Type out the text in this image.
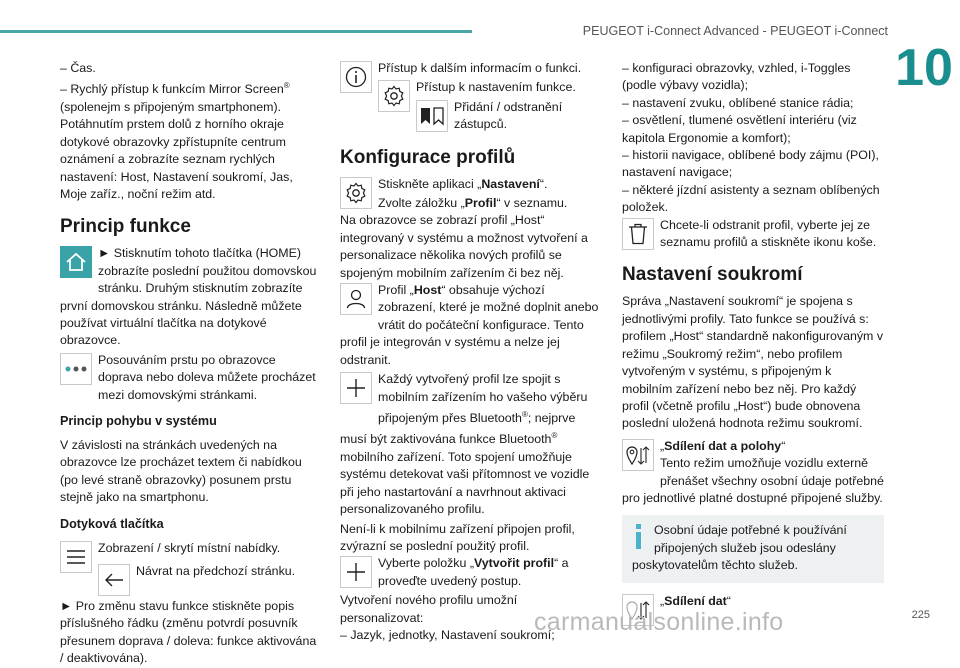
PEUGEOT i-Connect Advanced - PEUGEOT i-Connect
10

– Čas.

– Rychlý přístup k funkcím Mirror Screen® (spolenejm s připojeným smartphonem).

Potáhnutím prstem dolů z horního okraje dotykové obrazovky zpřístupníte centrum oznámení a zobrazíte seznam rychlých nastavení: Host, Nastavení soukromí, Jas, Moje zaříz., noční režim atd.

Princip funkce

► Stisknutím tohoto tlačítka (HOME) zobrazíte poslední použitou domovskou stránku. Druhým stisknutím zobrazíte první domovskou stránku. Následně můžete používat virtuální tlačítka na dotykové obrazovce.

Posouváním prstu po obrazovce doprava nebo doleva můžete procházet mezi domovskými stránkami.

Princip pohybu v systému

V závislosti na stránkách uvedených na obrazovce lze procházet textem či nabídkou (po levé straně obrazovky) posunem prstu stejně jako na smartphonu.

Dotyková tlačítka

Zobrazení / skrytí místní nabídky.

Návrat na předchozí stránku.

► Pro změnu stavu funkce stiskněte popis příslušného řádku (změnu potvrdí posuvník přesunem doprava / doleva: funkce aktivována / deaktivována).

Přístup k dalším informacím o funkci.

Přístup k nastavením funkce.

Přidání / odstranění zástupců.

Konfigurace profilů

Stiskněte aplikaci „Nastavení“.

Zvolte záložku „Profil“ v seznamu.

Na obrazovce se zobrazí profil „Host“ integrovaný v systému a možnost vytvoření a personalizace několika nových profilů se spojeným mobilním zařízením či bez něj.

Profil „Host“ obsahuje výchozí zobrazení, které je možné doplnit anebo vrátit do počáteční konfigurace. Tento profil je integrován v systému a nelze jej odstranit.

Každý vytvořený profil lze spojit s mobilním zařízením ho vašeho výběru připojeným přes Bluetooth®; nejprve musí být zaktivována funkce Bluetooth® mobilního zařízení. Toto spojení umožňuje systému detekovat vaši přítomnost ve vozidle při jeho nastartování a navrhnout aktivaci personalizovaného profilu.

Není-li k mobilnímu zařízení připojen profil, zvýrazní se poslední použitý profil.

Vyberte položku „Vytvořit profil“ a proveďte uvedený postup.

Vytvoření nového profilu umožní personalizovat:

– Jazyk, jednotky, Nastavení soukromí;

– konfiguraci obrazovky, vzhled, i-Toggles (podle výbavy vozidla);

– nastavení zvuku, oblíbené stanice rádia;

– osvětlení, tlumené osvětlení interiéru (viz kapitola Ergonomie a komfort);

– historii navigace, oblíbené body zájmu (POI), nastavení navigace;

– některé jízdní asistenty a seznam oblíbených položek.

Chcete-li odstranit profil, vyberte jej ze seznamu profilů a stiskněte ikonu koše.

Nastavení soukromí

Správa „Nastavení soukromí“ je spojena s jednotlivými profily. Tato funkce se používá s: profilem „Host“ standardně nakonfigurovaným v režimu „Soukromý režim“, nebo profilem vytvořeným v systému, s připojeným k mobilním zařízení nebo bez něj. Pro každý profil (včetně profilu „Host“) bude obnovena poslední uložená hodnota režimu soukromí.

„Sdílení dat a polohy“

Tento režim umožňuje vozidlu externě přenášet všechny osobní údaje potřebné pro jednotlivé platné dostupné připojené služby.

Osobní údaje potřebné k používání připojených služeb jsou odeslány poskytovatelům těchto služeb.

„Sdílení dat“

225
carmanualsonline.info
